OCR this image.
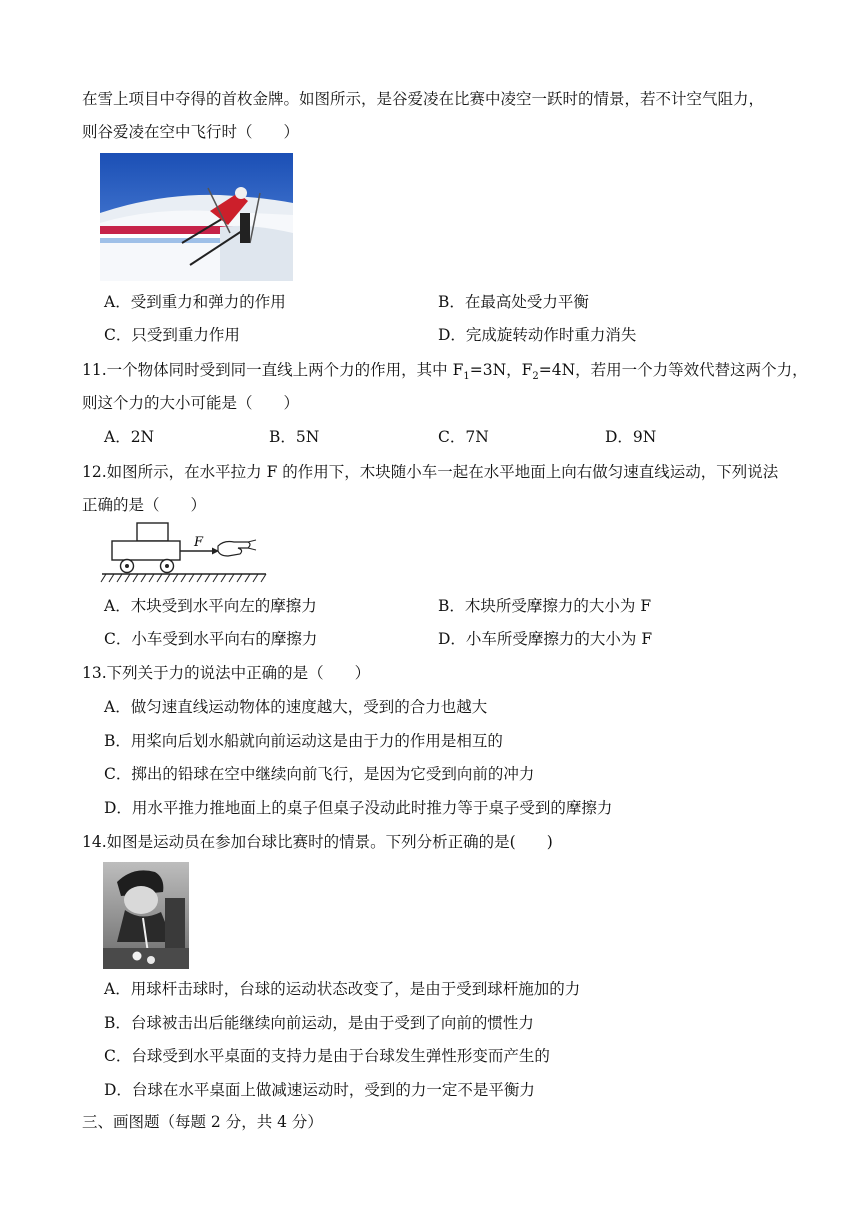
在雪上项目中夺得的首枚金牌。如图所示，是谷爱凌在比赛中凌空一跃时的情景，若不计空气阻力，
则谷爱凌在空中飞行时（　　）
A．受到重力和弹力的作用	B．在最高处受力平衡
C．只受到重力作用	D．完成旋转动作时重力消失
11.一个物体同时受到同一直线上两个力的作用，其中 $F_1=3N$，$F_2=4N$，若用一个力等效代替这两个力，
则这个力的大小可能是（　　）
A．2N	B．5N	C．7N	D．9N
12.如图所示，在水平拉力 F 的作用下，木块随小车一起在水平地面上向右做匀速直线运动，下列说法
正确的是（　　）
F
A．木块受到水平向左的摩擦力	B．木块所受摩擦力的大小为 F
C．小车受到水平向右的摩擦力	D．小车所受摩擦力的大小为 F
13.下列关于力的说法中正确的是（　　）
A．做匀速直线运动物体的速度越大，受到的合力也越大
B．用桨向后划水船就向前运动这是由于力的作用是相互的
C．掷出的铅球在空中继续向前飞行，是因为它受到向前的冲力
D．用水平推力推地面上的桌子但桌子没动此时推力等于桌子受到的摩擦力
14.如图是运动员在参加台球比赛时的情景。下列分析正确的是(　　)
A．用球杆击球时，台球的运动状态改变了，是由于受到球杆施加的力
B．台球被击出后能继续向前运动，是由于受到了向前的惯性力
C．台球受到水平桌面的支持力是由于台球发生弹性形变而产生的
D．台球在水平桌面上做减速运动时，受到的力一定不是平衡力
三、画图题（每题 2 分，共 4 分）
